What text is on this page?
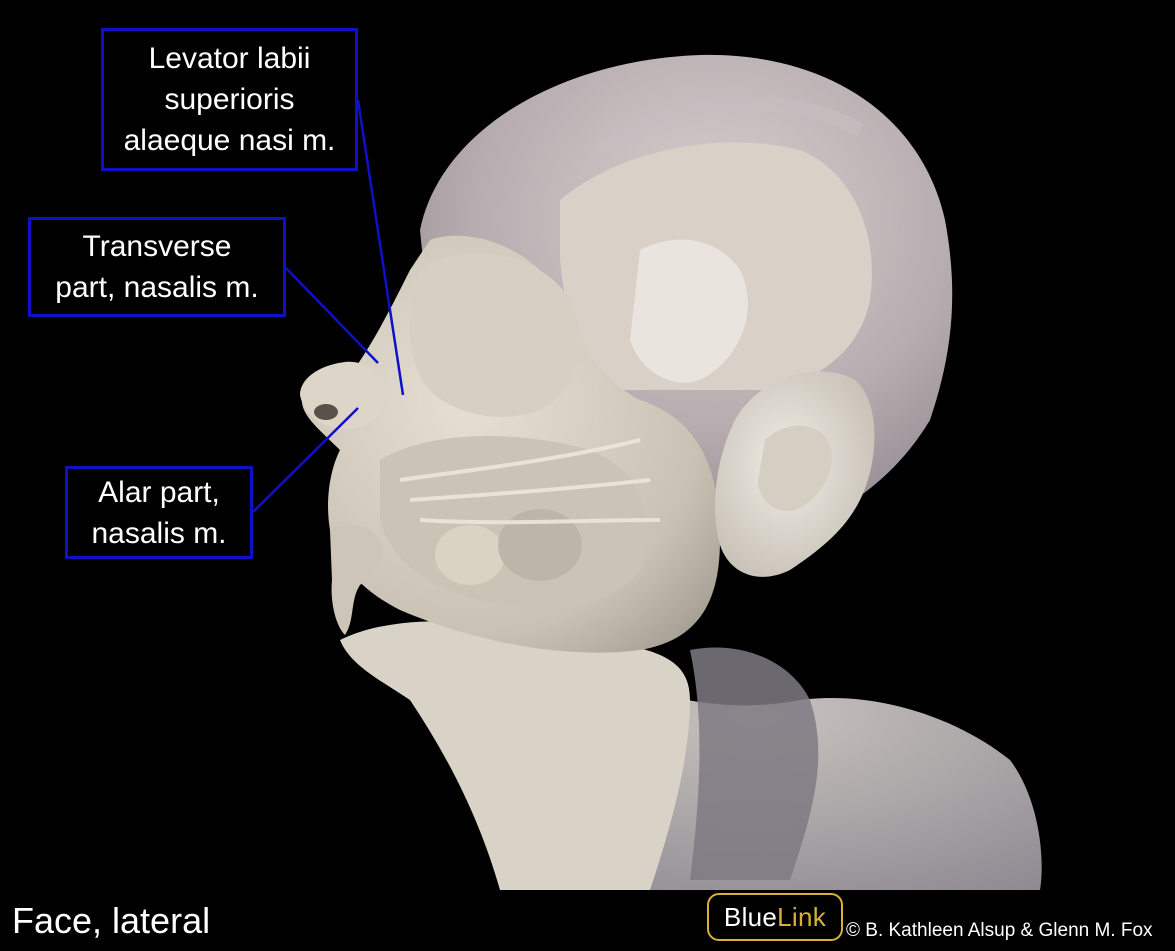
Levator labii
superioris
alaeque nasi m.
Transverse
part, nasalis m.
Alar part,
nasalis m.
Face, lateral	Blue Link © B. Kathleen Alsup & Glenn M. Fox
